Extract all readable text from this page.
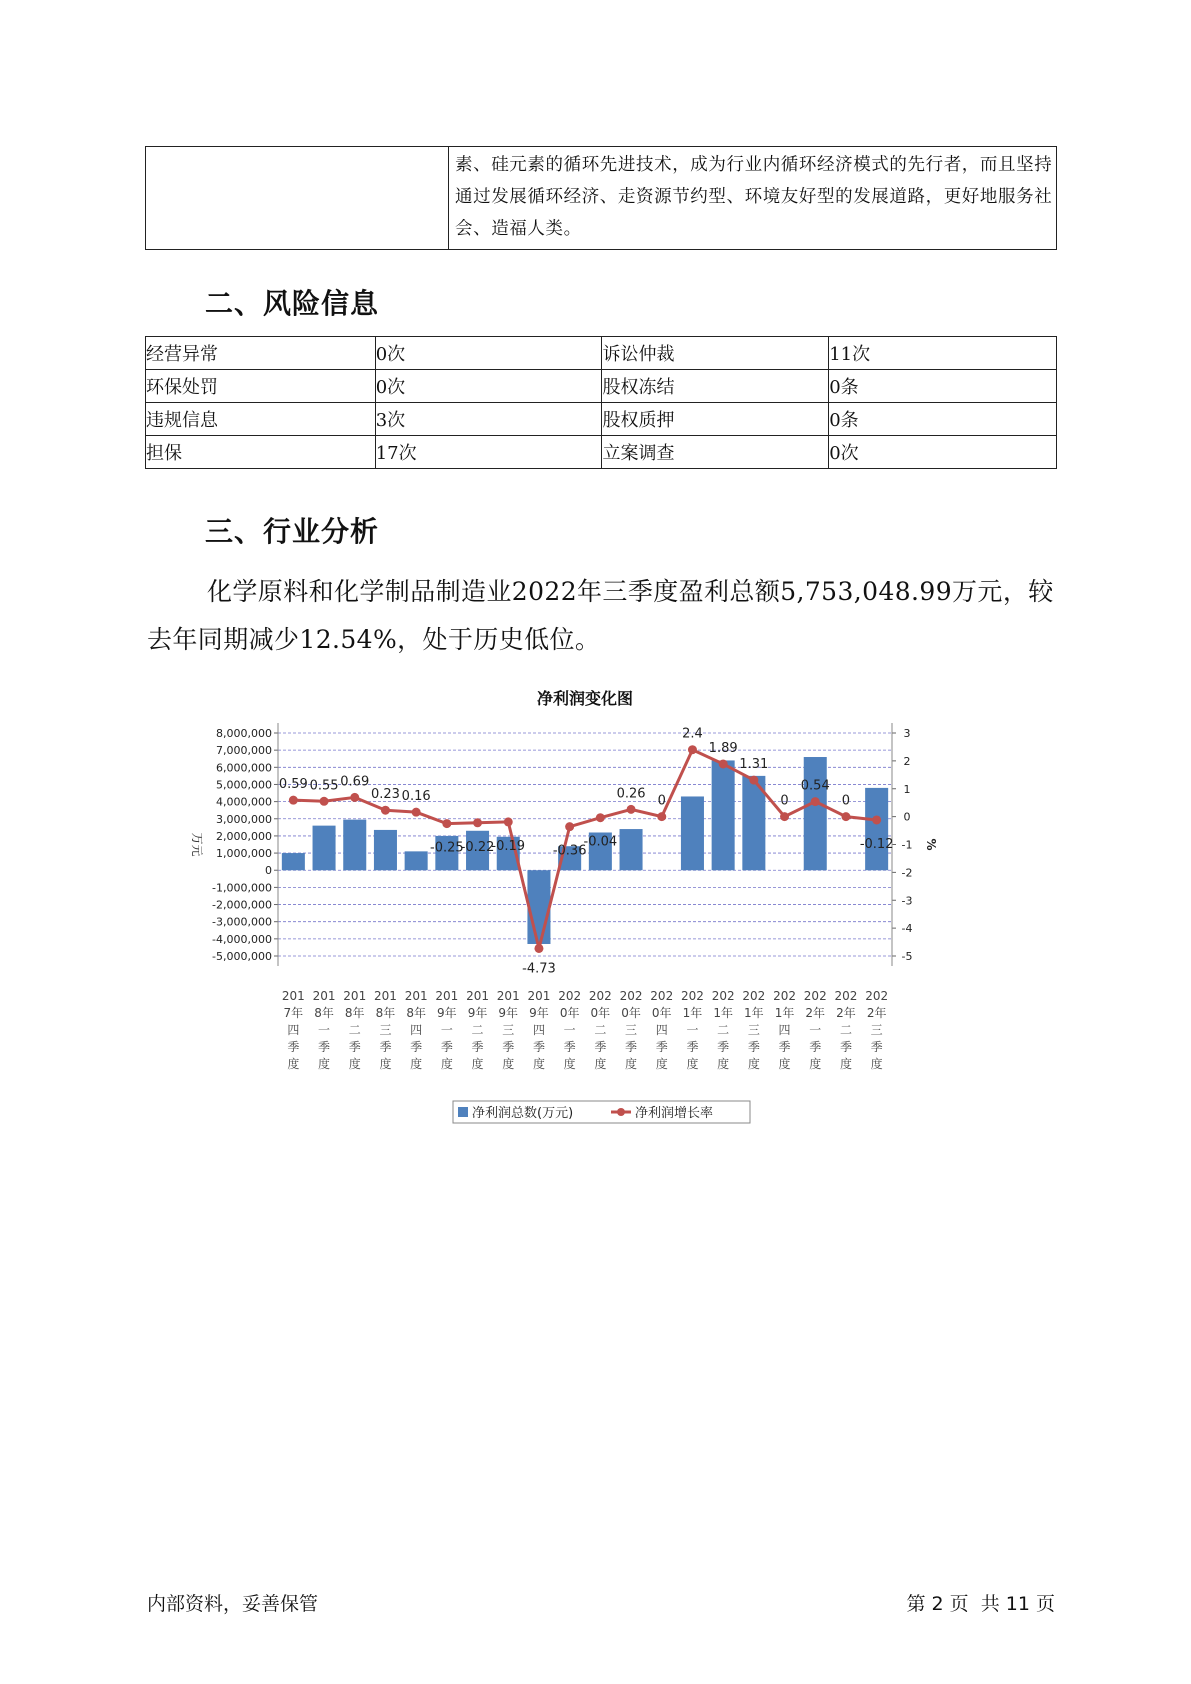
	素、硅元素的循环先进技术，成为行业内循环经济模式的先行者，而且坚持通过发展循环经济、走资源节约型、环境友好型的发展道路，更好地服务社会、造福人类。
二、风险信息
经营异常	0次	诉讼仲裁	11次
环保处罚	0次	股权冻结	0条
违规信息	3次	股权质押	0条
担保	17次	立案调查	0次
三、行业分析
化学原料和化学制品制造业2022年三季度盈利总额5,753,048.99万元，较去年同期减少12.54%，处于历史低位。
净利润变化图
8,000,000
7,000,000
6,000,000
5,000,000
4,000,000
3,000,000
2,000,000
1,000,000
0
-1,000,000
-2,000,000
-3,000,000
-4,000,000
-5,000,000
3
2
1
0
-1
-2
-3
-4
-5
万元	%
0.59 0.55 0.69
0.23 0.16
-0.25
-0.22
-0.19
-4.73
-0.36
-0.04
0.26 0
2.4
1.89
1.31
0
0.54
0
-0.12
201
7年
四
季
度
201
8年
一
季
度
201
8年
二
季
度
201
8年
三
季
度
201
8年
四
季
度
201
9年
一
季
度
201
9年
二
季
度
201
9年
三
季
度
201
9年
四
季
度
202
0年
一
季
度
202
0年
二
季
度
202
0年
三
季
度
202
0年
四
季
度
202
1年
一
季
度
202
1年
二
季
度
202
1年
三
季
度
202
1年
四
季
度
202
2年
一
季
度
202
2年
二
季
度
202
2年
三
季
度
净利润总数(万元)	净利润增长率
内部资料，妥善保管	第 2 页  共 11 页
